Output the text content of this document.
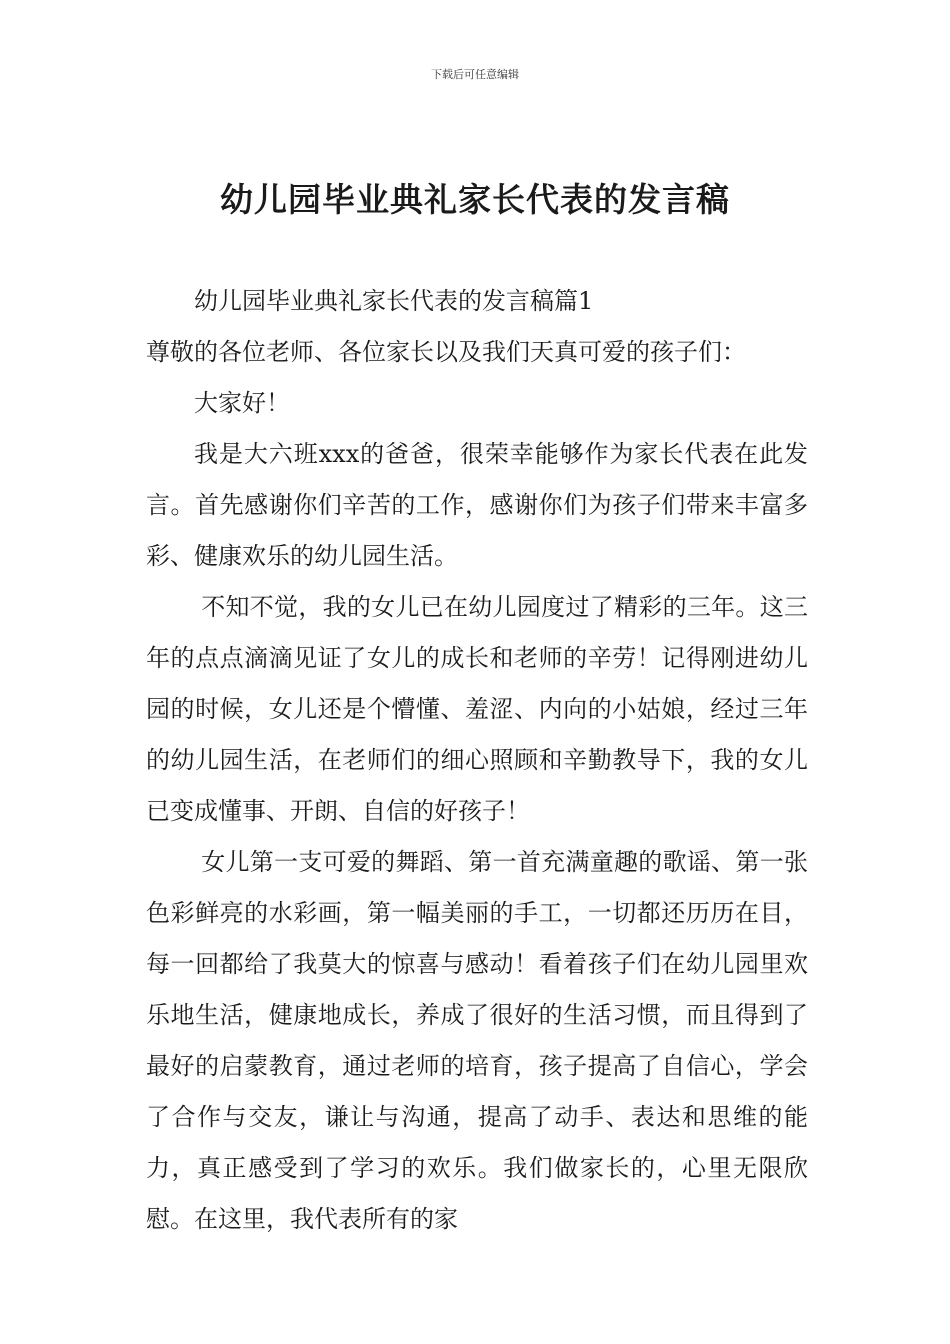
下载后可任意编辑
幼儿园毕业典礼家长代表的发言稿

幼儿园毕业典礼家长代表的发言稿篇1

尊敬的各位老师、各位家长以及我们天真可爱的孩子们：

大家好！

我是大六班xxx的爸爸，很荣幸能够作为家长代表在此发言。首先感谢你们辛苦的工作，感谢你们为孩子们带来丰富多彩、健康欢乐的幼儿园生活。

不知不觉，我的女儿已在幼儿园度过了精彩的三年。这三年的点点滴滴见证了女儿的成长和老师的辛劳！记得刚进幼儿园的时候，女儿还是个懵懂、羞涩、内向的小姑娘，经过三年的幼儿园生活，在老师们的细心照顾和辛勤教导下，我的女儿已变成懂事、开朗、自信的好孩子！

女儿第一支可爱的舞蹈、第一首充满童趣的歌谣、第一张色彩鲜亮的水彩画，第一幅美丽的手工，一切都还历历在目，每一回都给了我莫大的惊喜与感动！看着孩子们在幼儿园里欢乐地生活，健康地成长，养成了很好的生活习惯，而且得到了最好的启蒙教育，通过老师的培育，孩子提高了自信心，学会了合作与交友，谦让与沟通，提高了动手、表达和思维的能力，真正感受到了学习的欢乐。我们做家长的，心里无限欣慰。在这里，我代表所有的家
